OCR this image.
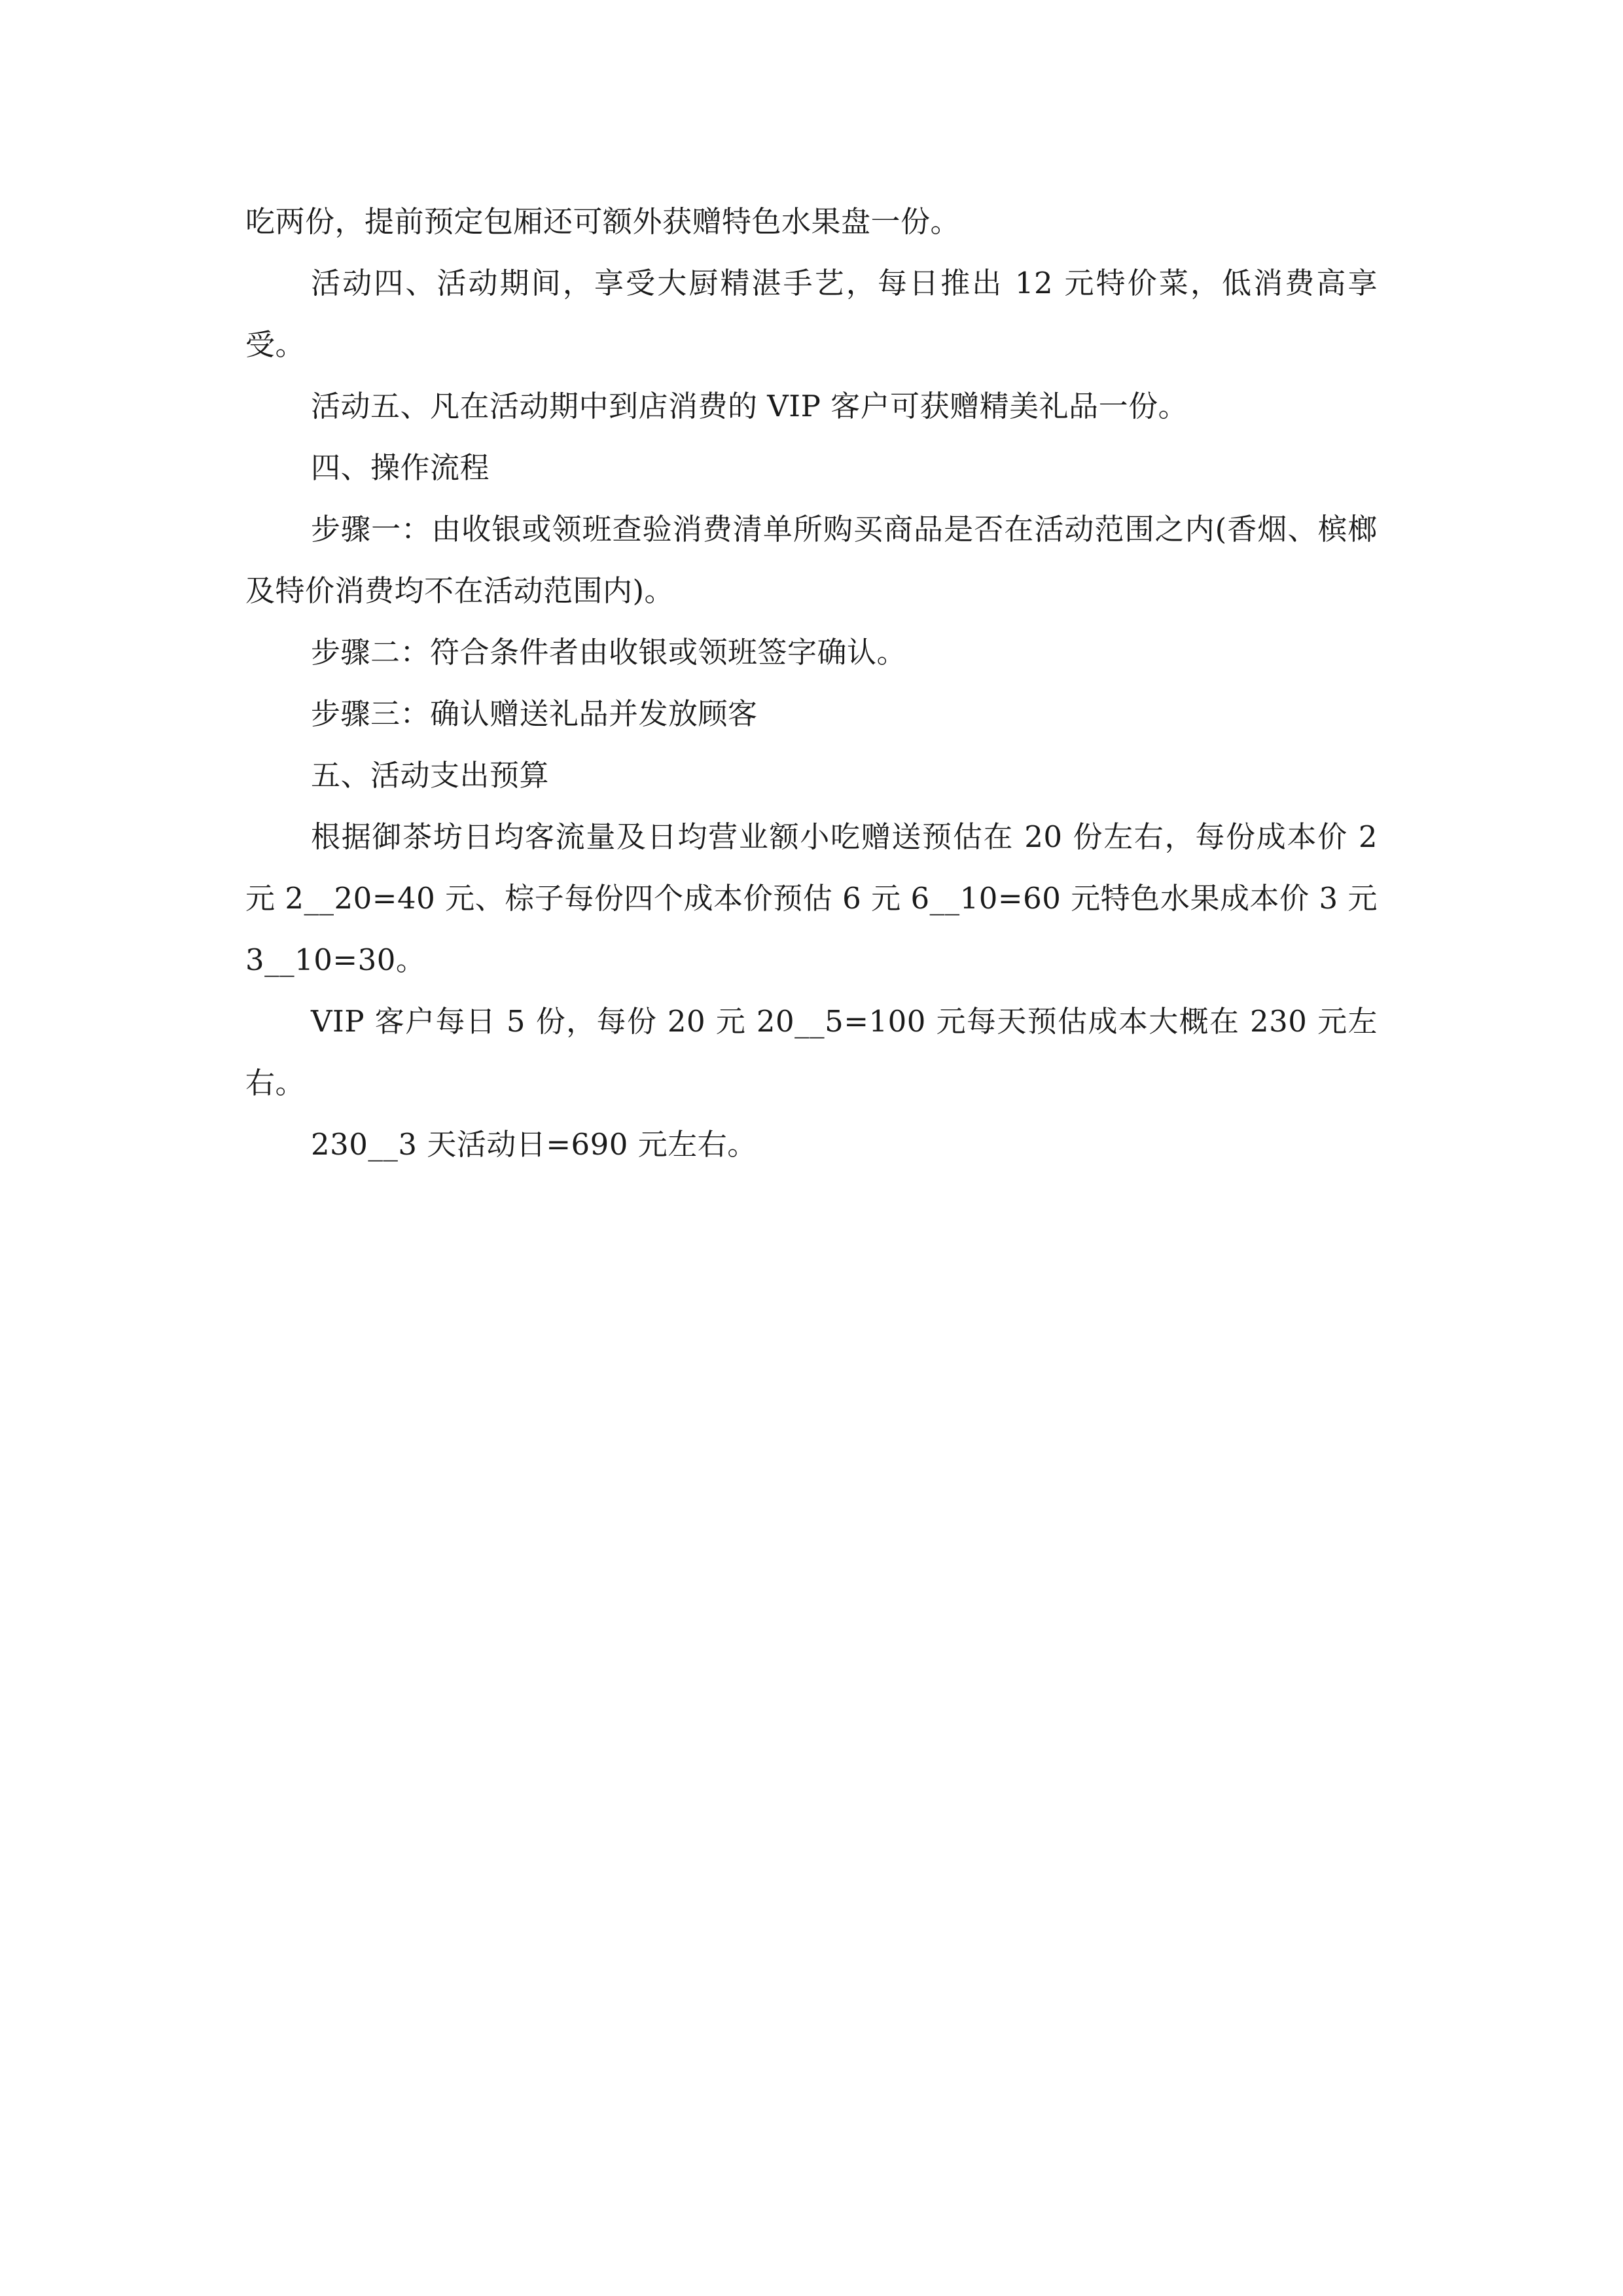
吃两份，提前预定包厢还可额外获赠特色水果盘一份。

活动四、活动期间，享受大厨精湛手艺，每日推出 12 元特价菜，低消费高享受。

活动五、凡在活动期中到店消费的 VIP 客户可获赠精美礼品一份。

四、操作流程

步骤一：由收银或领班查验消费清单所购买商品是否在活动范围之内(香烟、槟榔及特价消费均不在活动范围内)。

步骤二：符合条件者由收银或领班签字确认。

步骤三：确认赠送礼品并发放顾客

五、活动支出预算

根据御茶坊日均客流量及日均营业额小吃赠送预估在 20 份左右，每份成本价 2 元 2__20=40 元、棕子每份四个成本价预估 6 元 6__10=60 元特色水果成本价 3 元 3__10=30。

VIP 客户每日 5 份，每份 20 元 20__5=100 元每天预估成本大概在 230 元左右。

230__3 天活动日=690 元左右。
